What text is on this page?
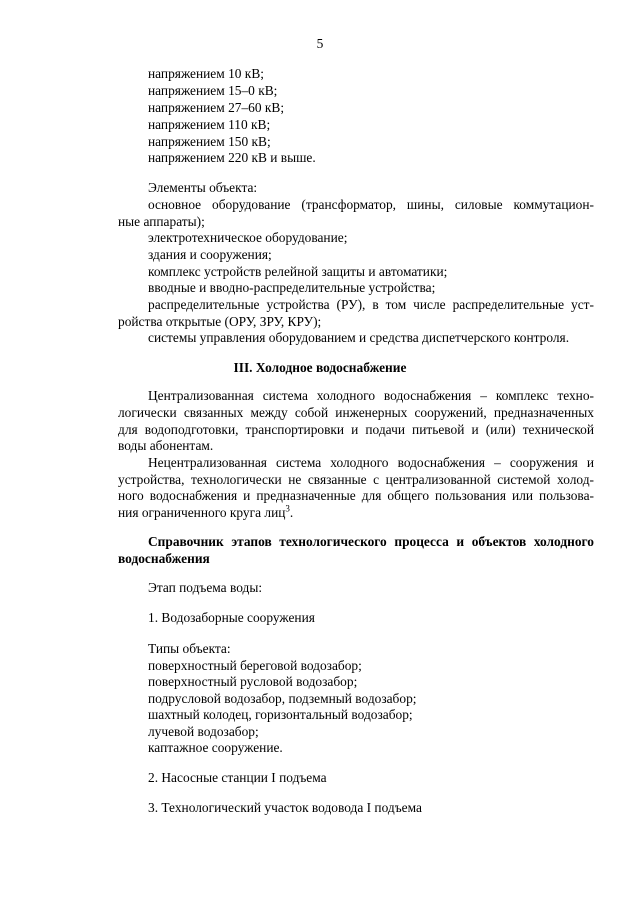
5
напряжением 10 кВ;
напряжением 15–0 кВ;
напряжением 27–60 кВ;
напряжением 110 кВ;
напряжением 150 кВ;
напряжением 220 кВ и выше.
Элементы объекта:
основное оборудование (трансформатор, шины, силовые коммутацион-
ные аппараты);
электротехническое оборудование;
здания и сооружения;
комплекс устройств релейной защиты и автоматики;
вводные и вводно-распределительные устройства;
распределительные устройства (РУ), в том числе распределительные уст-
ройства открытые (ОРУ, ЗРУ, КРУ);
системы управления оборудованием и средства диспетчерского контроля.
III. Холодное водоснабжение
Централизованная система холодного водоснабжения – комплекс техно-
логически связанных между собой инженерных сооружений, предназначенных
для водоподготовки, транспортировки и подачи питьевой и (или) технической
воды абонентам.
Нецентрализованная система холодного водоснабжения – сооружения и
устройства, технологически не связанные с централизованной системой холод-
ного водоснабжения и предназначенные для общего пользования или пользова-
ния ограниченного круга лиц$^3$.
Справочник этапов технологического процесса и объектов холодного
водоснабжения
Этап подъема воды:
1. Водозаборные сооружения
Типы объекта:
поверхностный береговой водозабор;
поверхностный русловой водозабор;
подрусловой водозабор, подземный водозабор;
шахтный колодец, горизонтальный водозабор;
лучевой водозабор;
каптажное сооружение.
2. Насосные станции I подъема
3. Технологический участок водовода I подъема
